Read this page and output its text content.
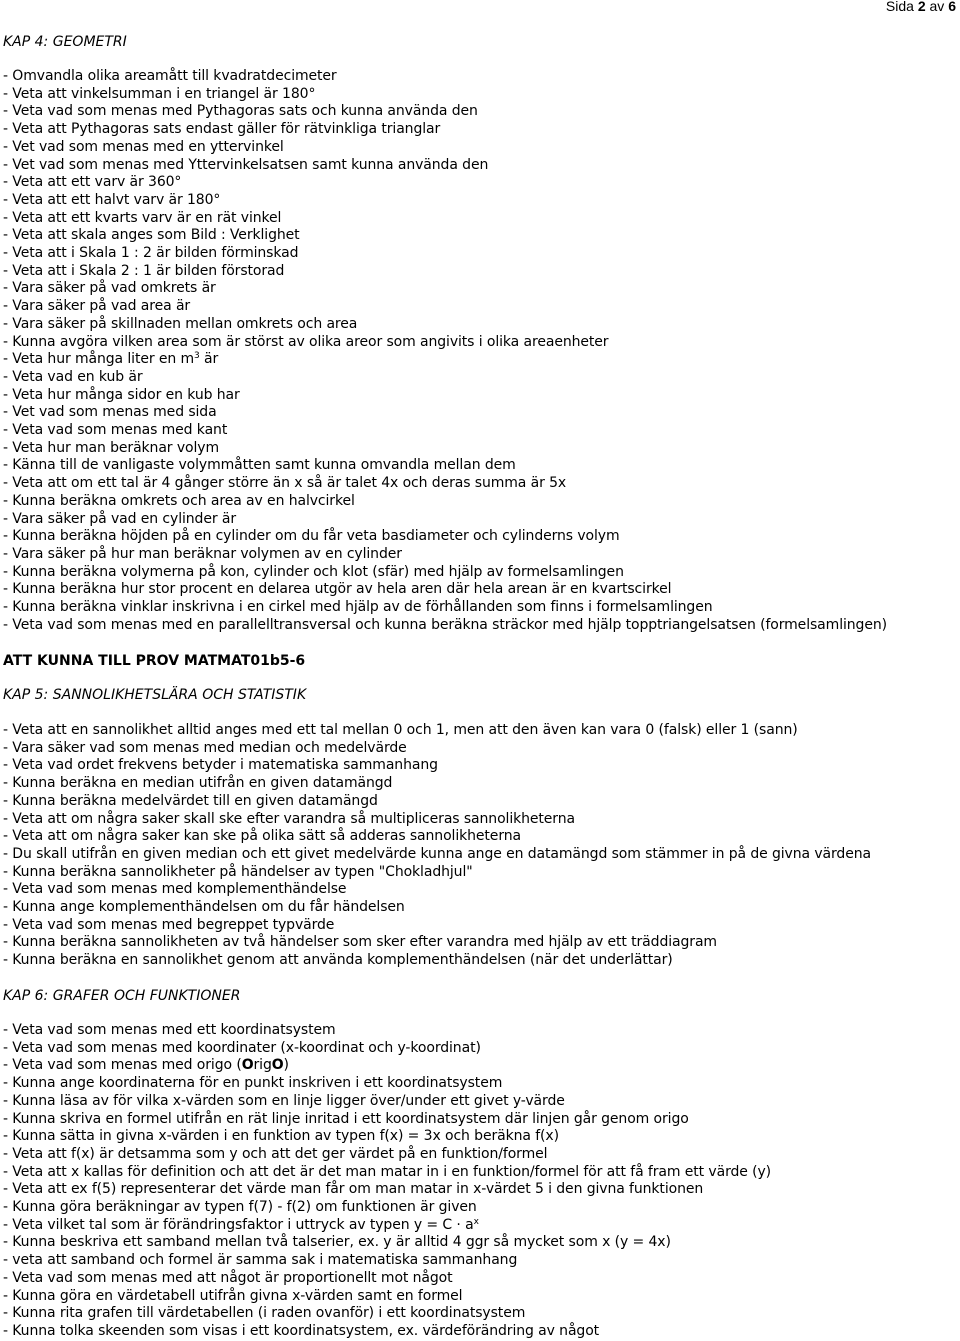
Sida 2 av 6
KAP 4: GEOMETRI
- Omvandla olika areamått till kvadratdecimeter
- Veta att vinkelsumman i en triangel är 180°
- Veta vad som menas med Pythagoras sats och kunna använda den
- Veta att Pythagoras sats endast gäller för rätvinkliga trianglar
- Vet vad som menas med en yttervinkel
- Vet vad som menas med Yttervinkelsatsen samt kunna använda den
- Veta att ett varv är 360°
- Veta att ett halvt varv är 180°
- Veta att ett kvarts varv är en rät vinkel
- Veta att skala anges som Bild : Verklighet
- Veta att i Skala 1 : 2 är bilden förminskad
- Veta att i Skala 2 : 1 är bilden förstorad
- Vara säker på vad omkrets är
- Vara säker på vad area är
- Vara säker på skillnaden mellan omkrets och area
- Kunna avgöra vilken area som är störst av olika areor som angivits i olika areaenheter
- Veta hur många liter en $m^3$ är
- Veta vad en kub är
- Veta hur många sidor en kub har
- Vet vad som menas med sida
- Veta vad som menas med kant
- Veta hur man beräknar volym
- Känna till de vanligaste volymmåtten samt kunna omvandla mellan dem
- Veta att om ett tal är 4 gånger större än x så är talet 4x och deras summa är 5x
- Kunna beräkna omkrets och area av en halvcirkel
- Vara säker på vad en cylinder är
- Kunna beräkna höjden på en cylinder om du får veta basdiameter och cylinderns volym
- Vara säker på hur man beräknar volymen av en cylinder
- Kunna beräkna volymerna på kon, cylinder och klot (sfär) med hjälp av formelsamlingen
- Kunna beräkna hur stor procent en delarea utgör av hela aren där hela arean är en kvartscirkel
- Kunna beräkna vinklar inskrivna i en cirkel med hjälp av de förhållanden som finns i formelsamlingen
- Veta vad som menas med en parallelltransversal och kunna beräkna sträckor med hjälp topptriangelsatsen (formelsamlingen)
ATT KUNNA TILL PROV MATMAT01b5-6
KAP 5: SANNOLIKHETSLÄRA OCH STATISTIK
- Veta att en sannolikhet alltid anges med ett tal mellan 0 och 1, men att den även kan vara 0 (falsk) eller 1 (sann)
- Vara säker vad som menas med median och medelvärde
- Veta vad ordet frekvens betyder i matematiska sammanhang
- Kunna beräkna en median utifrån en given datamängd
- Kunna beräkna medelvärdet till en given datamängd
- Veta att om några saker skall ske efter varandra så multipliceras sannolikheterna
- Veta att om några saker kan ske på olika sätt så adderas sannolikheterna
- Du skall utifrån en given median och ett givet medelvärde kunna ange en datamängd som stämmer in på de givna värdena
- Kunna beräkna sannolikheter på händelser av typen "Chokladhjul"
- Veta vad som menas med komplementhändelse
- Kunna ange komplementhändelsen om du får händelsen
- Veta vad som menas med begreppet typvärde
- Kunna beräkna sannolikheten av två händelser som sker efter varandra med hjälp av ett träddiagram
- Kunna beräkna en sannolikhet genom att använda komplementhändelsen (när det underlättar)
KAP 6: GRAFER OCH FUNKTIONER
- Veta vad som menas med ett koordinatsystem
- Veta vad som menas med koordinater (x-koordinat och y-koordinat)
- Veta vad som menas med origo (OrigO)
- Kunna ange koordinaterna för en punkt inskriven i ett koordinatsystem
- Kunna läsa av för vilka x-värden som en linje ligger över/under ett givet y-värde
- Kunna skriva en formel utifrån en rät linje inritad i ett koordinatsystem där linjen går genom origo
- Kunna sätta in givna x-värden i en funktion av typen f(x) = 3x och beräkna f(x)
- Veta att f(x) är detsamma som y och att det ger värdet på en funktion/formel
- Veta att x kallas för definition och att det är det man matar in i en funktion/formel för att få fram ett värde (y)
- Veta att ex f(5) representerar det värde man får om man matar in x-värdet 5 i den givna funktionen
- Kunna göra beräkningar av typen f(7) - f(2) om funktionen är given
- Veta vilket tal som är förändringsfaktor i uttryck av typen $y = C \cdot a^x$
- Kunna beskriva ett samband mellan två talserier, ex. y är alltid 4 ggr så mycket som x (y = 4x)
- veta att samband och formel är samma sak i matematiska sammanhang
- Veta vad som menas med att något är proportionellt mot något
- Kunna göra en värdetabell utifrån givna x-värden samt en formel
- Kunna rita grafen till värdetabellen (i raden ovanför) i ett koordinatsystem
- Kunna tolka skeenden som visas i ett koordinatsystem, ex. värdeförändring av något
